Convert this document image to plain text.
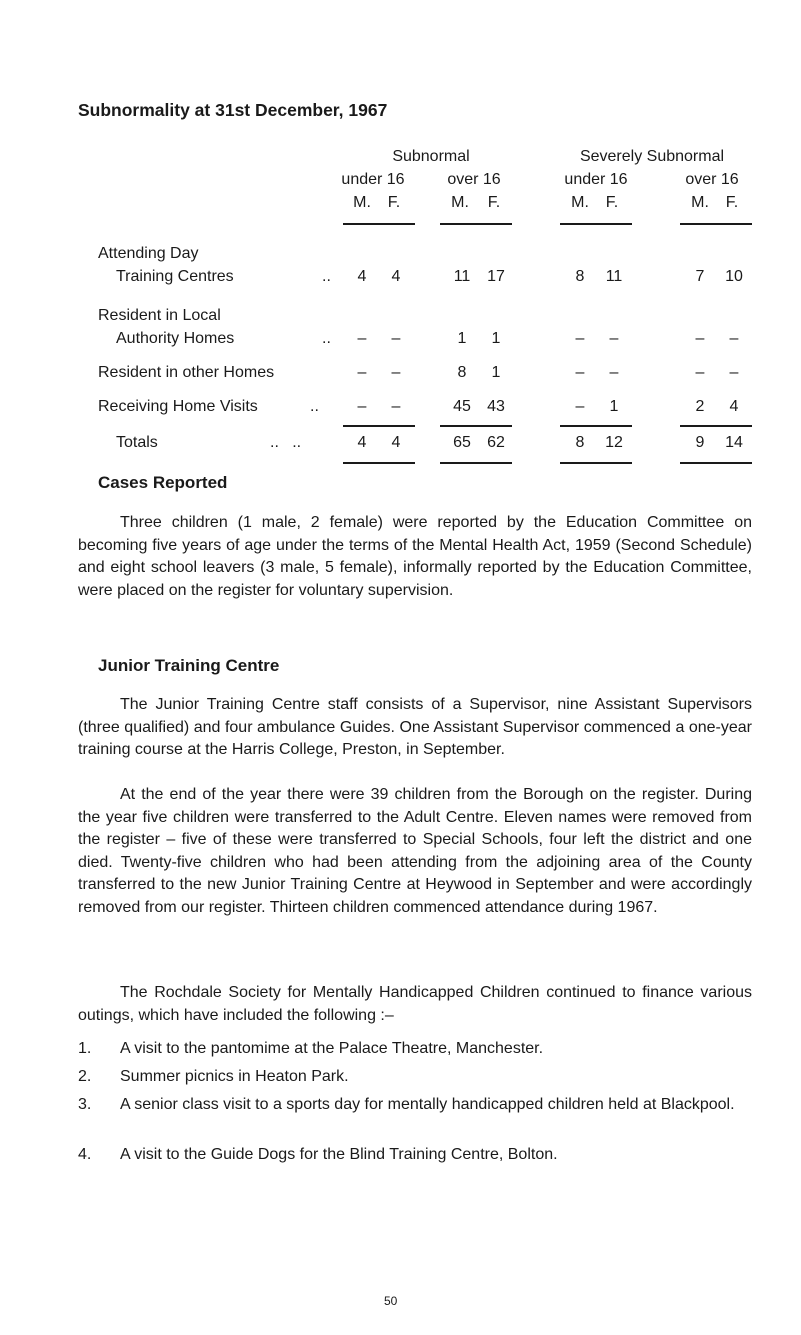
Subnormality at 31st December, 1967
Subnormal	Severely Subnormal
under 16	over 16	under 16	over 16
M. F.	M. F.	M. F.	M. F.
Attending Day
Training Centres	.. 4 4	11 17	8 11	7 10
Resident in Local
Authority Homes	.. – –	1 1	– –	– –
Resident in other Homes	– –	8 1	– –	– –
Receiving Home Visits	.. – –	45 43	– 1	2 4
Totals	..   ..	4 4	65 62	8 12	9 14
Cases Reported

Three children (1 male, 2 female) were reported by the Education Committee on becoming five years of age under the terms of the Mental Health Act, 1959 (Second Schedule) and eight school leavers (3 male, 5 female), informally reported by the Education Committee, were placed on the register for voluntary supervision.

Junior Training Centre

The Junior Training Centre staff consists of a Supervisor, nine Assistant Supervisors (three qualified) and four ambulance Guides. One Assistant Supervisor commenced a one-year training course at the Harris College, Preston, in September.

At the end of the year there were 39 children from the Borough on the register. During the year five children were transferred to the Adult Centre. Eleven names were removed from the register – five of these were transferred to Special Schools, four left the district and one died. Twenty-five children who had been attending from the adjoining area of the County transferred to the new Junior Training Centre at Heywood in September and were accordingly removed from our register. Thirteen children commenced attendance during 1967.

The Rochdale Society for Mentally Handicapped Children continued to finance various outings, which have included the following :–

1. A visit to the pantomime at the Palace Theatre, Manchester.
2. Summer picnics in Heaton Park.
3. A senior class visit to a sports day for mentally handicapped children held at Blackpool.
4. A visit to the Guide Dogs for the Blind Training Centre, Bolton.
50
